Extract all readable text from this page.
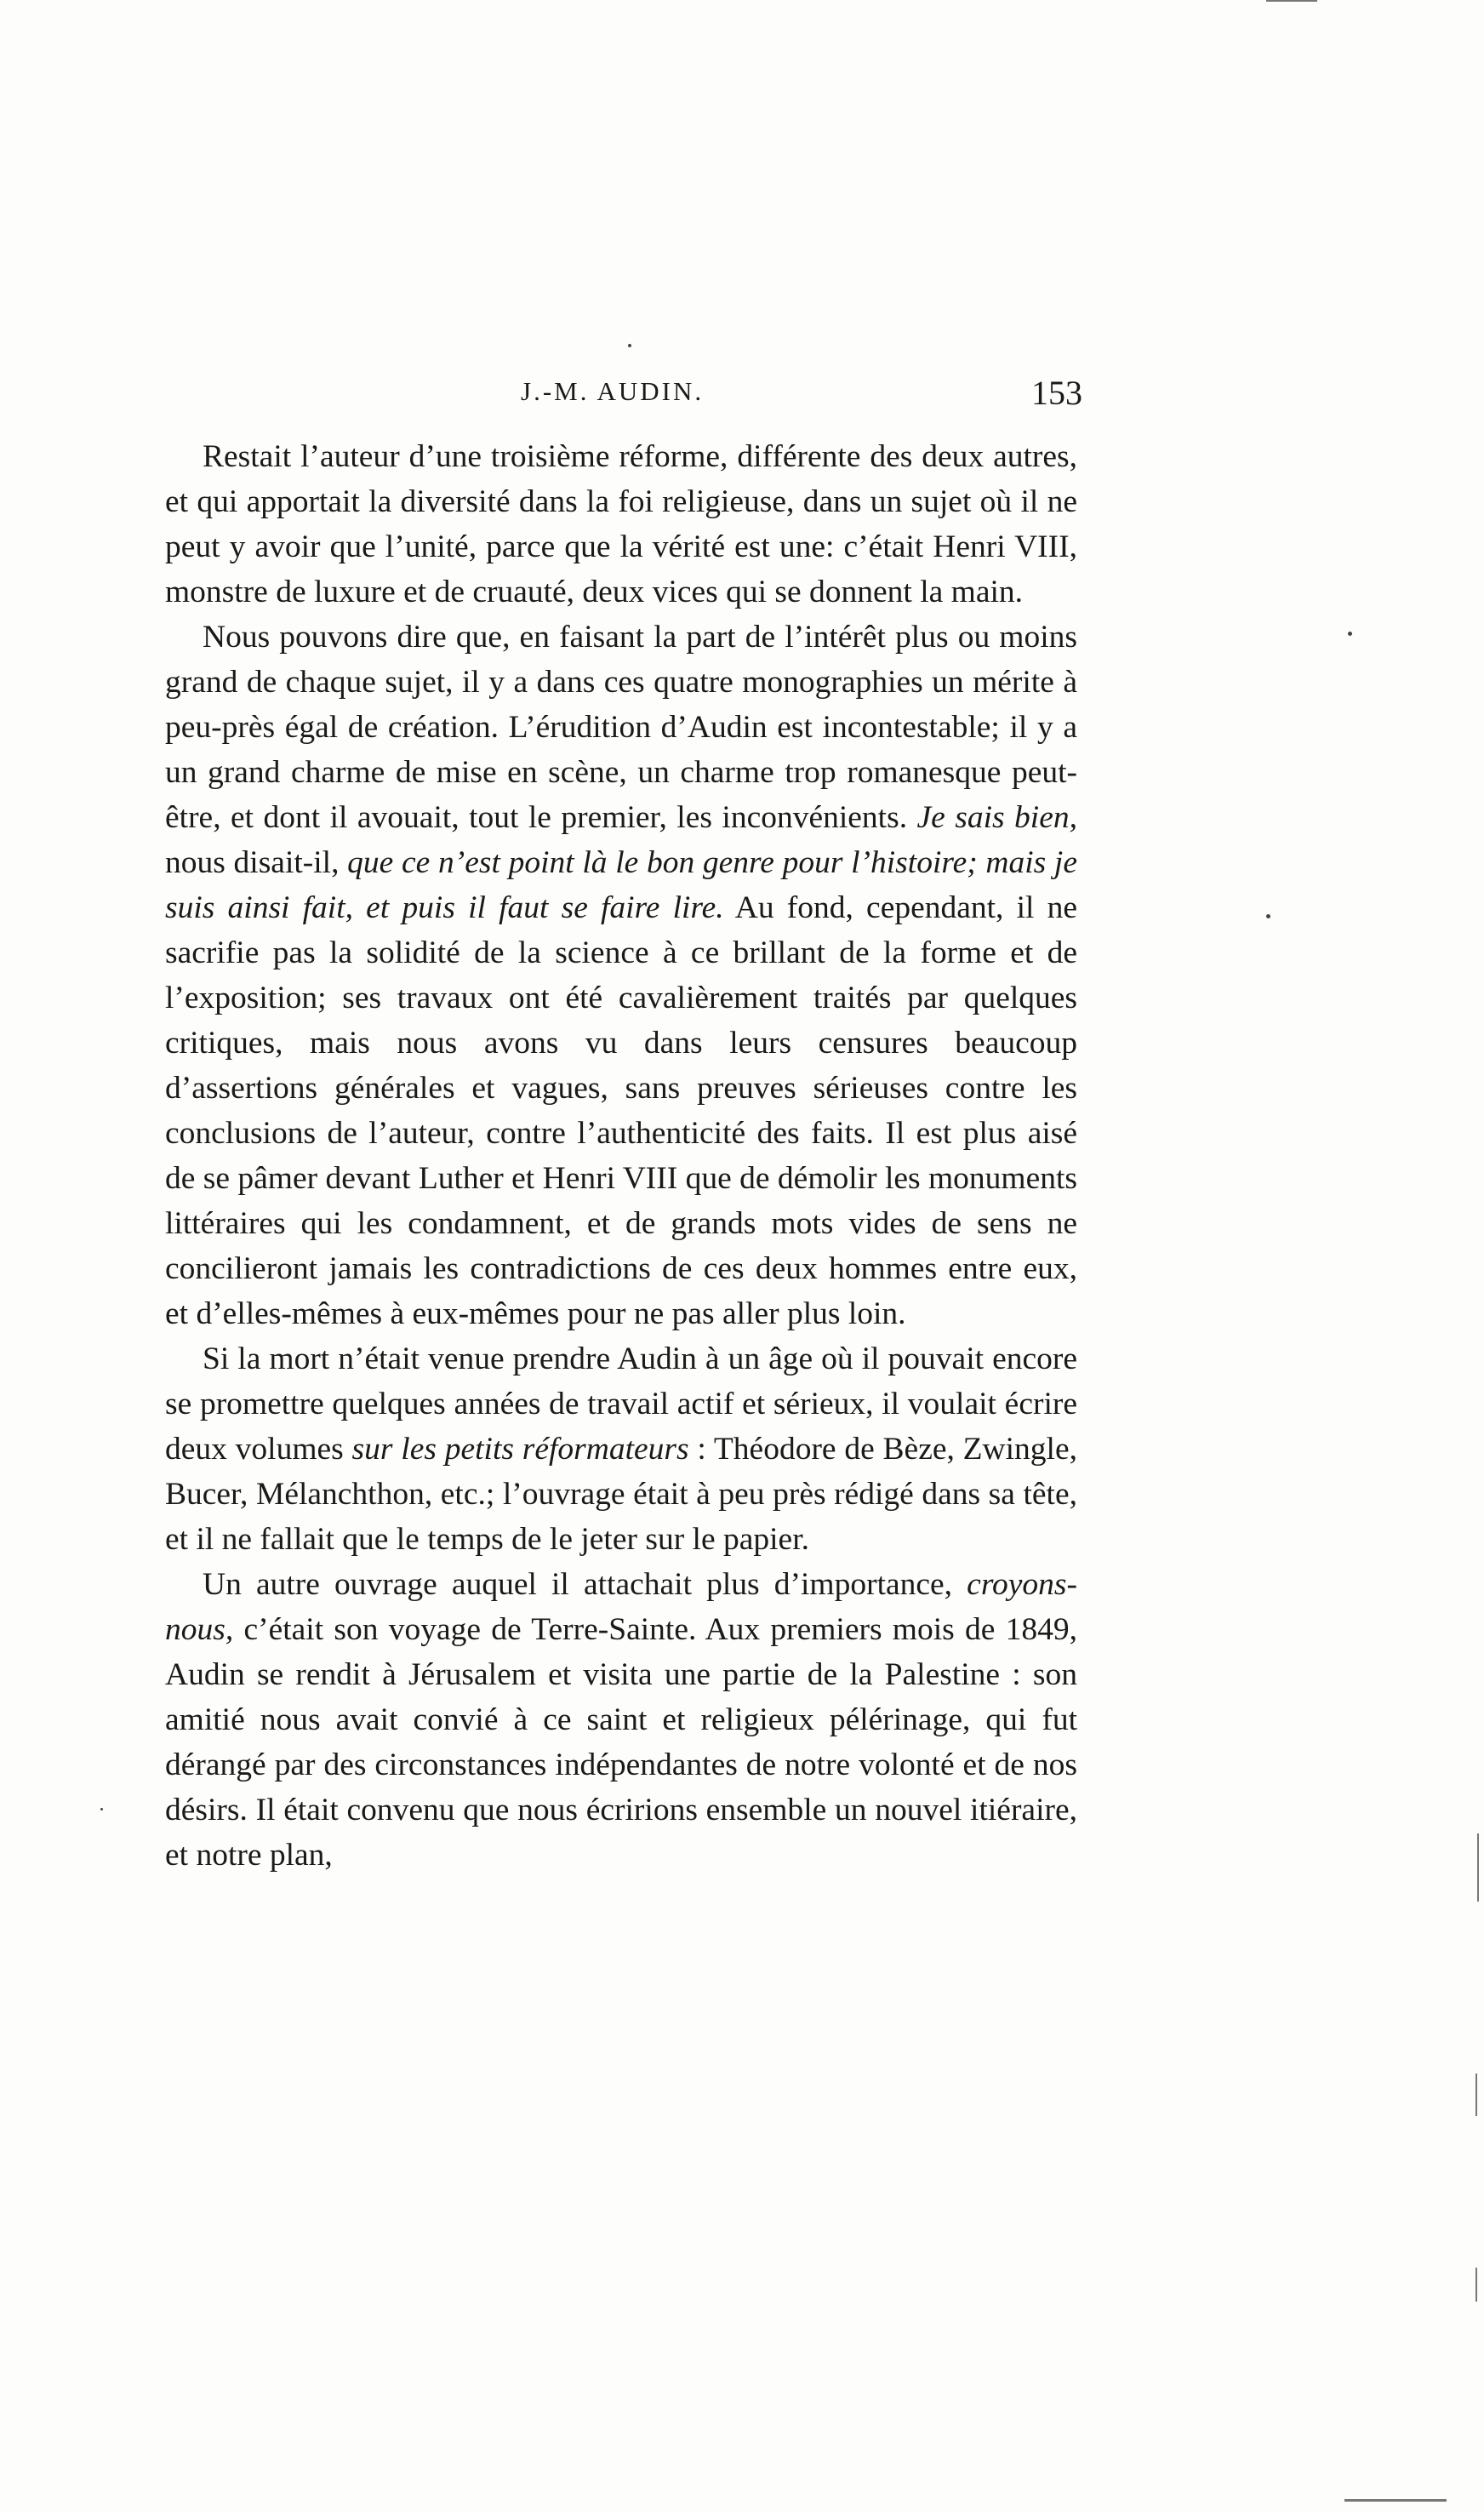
J.-M. AUDIN.	153

Restait l’auteur d’une troisième réforme, différente des deux autres, et qui apportait la diversité dans la foi religieuse, dans un sujet où il ne peut y avoir que l’unité, parce que la vérité est une: c’était Henri VIII, monstre de luxure et de cruauté, deux vices qui se donnent la main.

Nous pouvons dire que, en faisant la part de l’intérêt plus ou moins grand de chaque sujet, il y a dans ces quatre monographies un mérite à peu-près égal de création. L’érudition d’Audin est incontestable; il y a un grand charme de mise en scène, un charme trop romanesque peut-être, et dont il avouait, tout le premier, les inconvénients. Je sais bien, nous disait-il, que ce n’est point là le bon genre pour l’histoire; mais je suis ainsi fait, et puis il faut se faire lire. Au fond, cependant, il ne sacrifie pas la solidité de la science à ce brillant de la forme et de l’exposition; ses travaux ont été cavalièrement traités par quelques critiques, mais nous avons vu dans leurs censures beaucoup d’assertions générales et vagues, sans preuves sérieuses contre les conclusions de l’auteur, contre l’authenticité des faits. Il est plus aisé de se pâmer devant Luther et Henri VIII que de démolir les monuments littéraires qui les condamnent, et de grands mots vides de sens ne concilieront jamais les contradictions de ces deux hommes entre eux, et d’elles-mêmes à eux-mêmes pour ne pas aller plus loin.

Si la mort n’était venue prendre Audin à un âge où il pouvait encore se promettre quelques années de travail actif et sérieux, il voulait écrire deux volumes sur les petits réformateurs : Théodore de Bèze, Zwingle, Bucer, Mélanchthon, etc.; l’ouvrage était à peu près rédigé dans sa tête, et il ne fallait que le temps de le jeter sur le papier.

Un autre ouvrage auquel il attachait plus d’importance, croyons-nous, c’était son voyage de Terre-Sainte. Aux premiers mois de 1849, Audin se rendit à Jérusalem et visita une partie de la Palestine : son amitié nous avait convié à ce saint et religieux pélérinage, qui fut dérangé par des circonstances indépendantes de notre volonté et de nos désirs. Il était convenu que nous écririons ensemble un nouvel itiéraire, et notre plan,
